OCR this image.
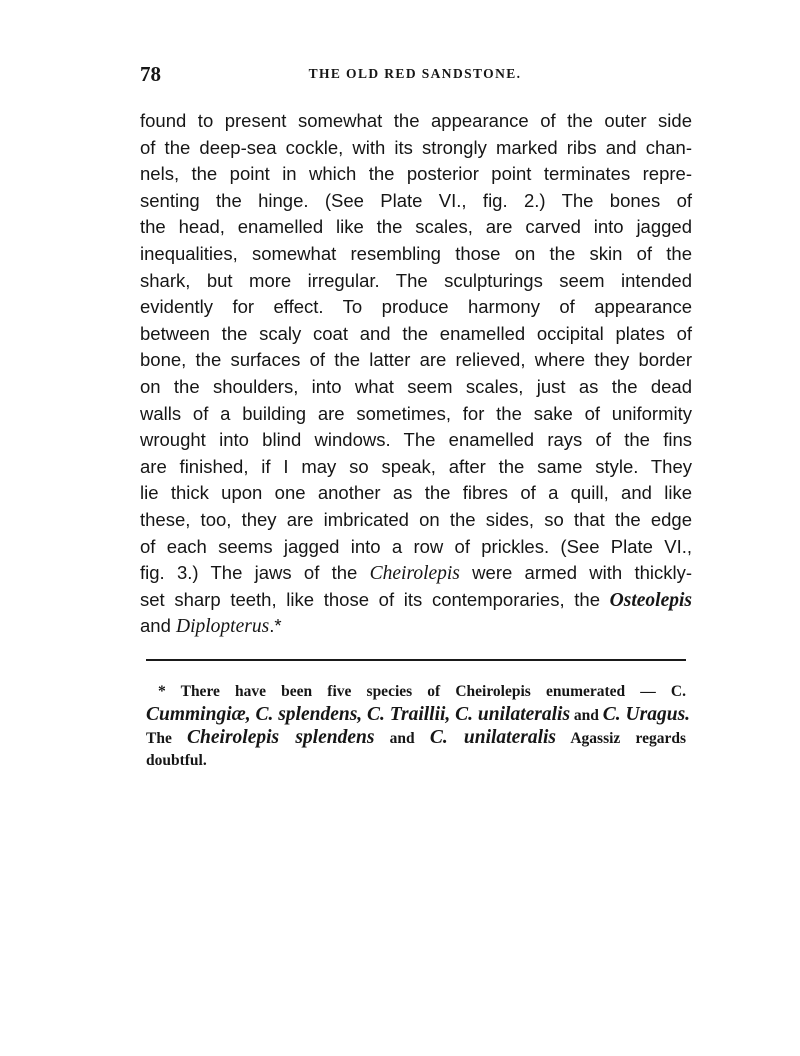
78	THE OLD RED SANDSTONE.
found to present somewhat the appearance of the outer side
of the deep-sea cockle, with its strongly marked ribs and chan-
nels, the point in which the posterior point terminates repre-
senting the hinge. (See Plate VI., fig. 2.) The bones of
the head, enamelled like the scales, are carved into jagged
inequalities, somewhat resembling those on the skin of the
shark, but more irregular. The sculpturings seem intended
evidently for effect. To produce harmony of appearance
between the scaly coat and the enamelled occipital plates of
bone, the surfaces of the latter are relieved, where they border
on the shoulders, into what seem scales, just as the dead
walls of a building are sometimes, for the sake of uniformity
wrought into blind windows. The enamelled rays of the fins
are finished, if I may so speak, after the same style. They
lie thick upon one another as the fibres of a quill, and like
these, too, they are imbricated on the sides, so that the edge
of each seems jagged into a row of prickles. (See Plate VI.,
fig. 3.) The jaws of the Cheirolepis were armed with thickly-
set sharp teeth, like those of its contemporaries, the Osteolepis
and Diplopterus.*
* There have been five species of Cheirolepis enumerated — C.
Cummingiæ, C. splendens, C. Traillii, C. unilateralis and C. Uragus.
The Cheirolepis splendens and C. unilateralis Agassiz regards
doubtful.
